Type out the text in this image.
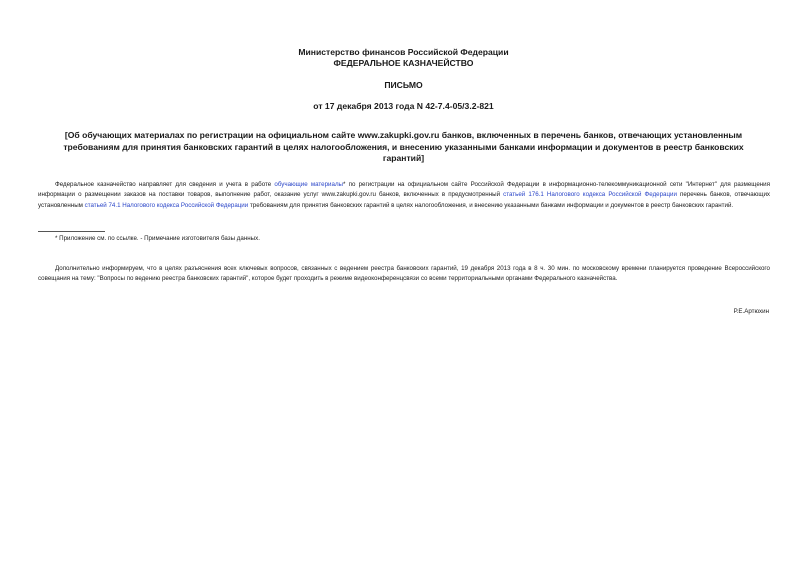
Министерство финансов Российской Федерации
ФЕДЕРАЛЬНОЕ КАЗНАЧЕЙСТВО
ПИСЬМО
от 17 декабря 2013 года N 42-7.4-05/3.2-821
[Об обучающих материалах по регистрации на официальном сайте www.zakupki.gov.ru банков, включенных в перечень банков, отвечающих установленным требованиям для принятия банковских гарантий в целях налогообложения, и внесению указанными банками информации и документов в реестр банковских гарантий]
Федеральное казначейство направляет для сведения и учета в работе обучающие материалы* по регистрации на официальном сайте Российской Федерации в информационно-телекоммуникационной сети "Интернет" для размещения информации о размещении заказов на поставки товаров, выполнение работ, оказание услуг www.zakupki.gov.ru банков, включенных в предусмотренный статьей 176.1 Налогового кодекса Российской Федерации перечень банков, отвечающих установленным статьей 74.1 Налогового кодекса Российской Федерации требованиям для принятия банковских гарантий в целях налогообложения, и внесению указанными банками информации и документов в реестр банковских гарантий.
* Приложение см. по ссылке. - Примечание изготовителя базы данных.
Дополнительно информируем, что в целях разъяснения всех ключевых вопросов, связанных с ведением реестра банковских гарантий, 19 декабря 2013 года в 8 ч. 30 мин. по московскому времени планируется проведение Всероссийского совещания на тему: "Вопросы по ведению реестра банковских гарантий", которое будет проходить в режиме видеоконференцсвязи со всеми территориальными органами Федерального казначейства.
Р.Е.Артюхин
